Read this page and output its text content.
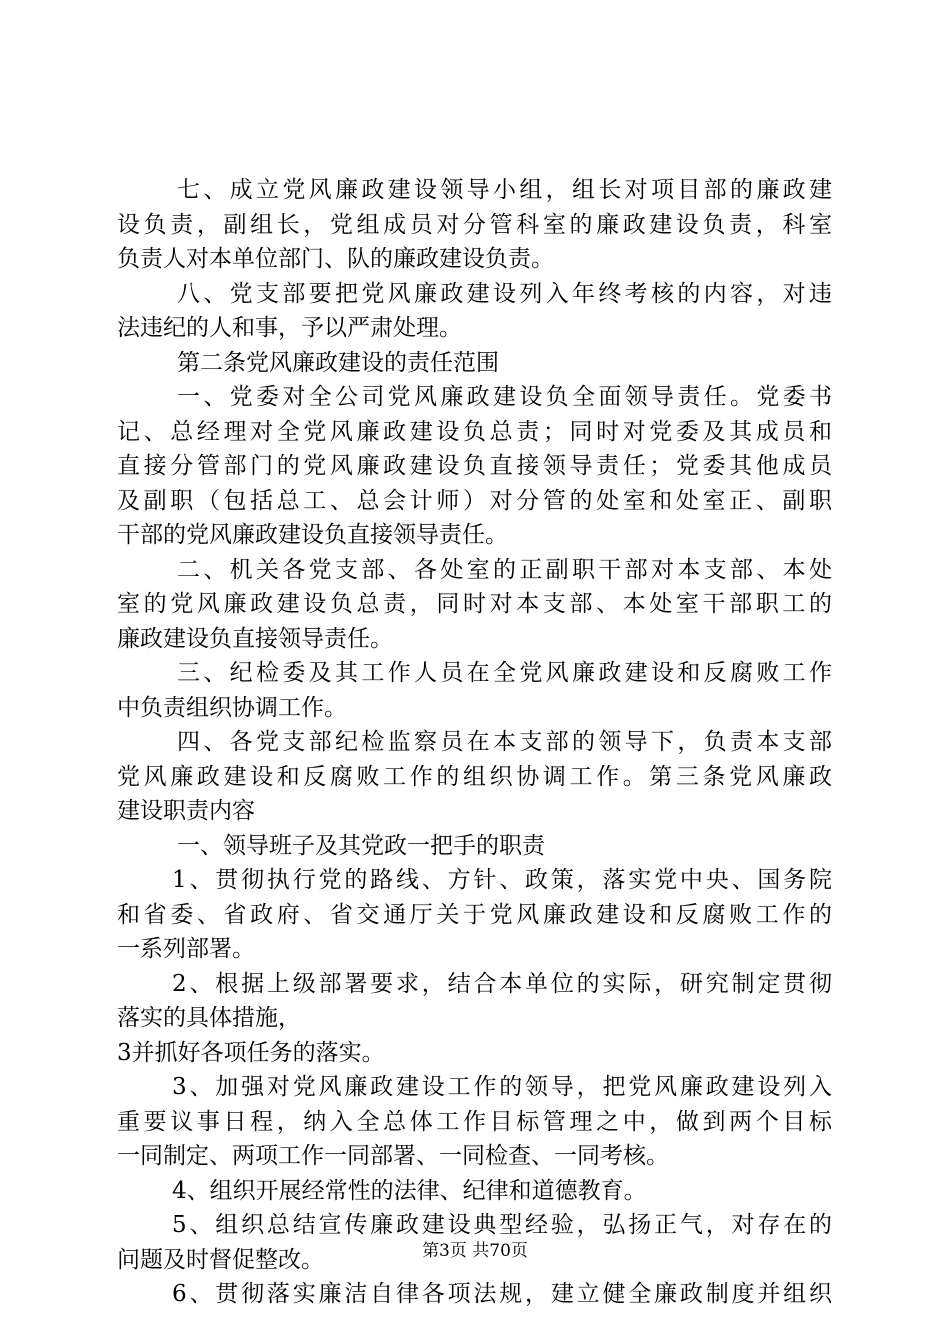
七、成立党风廉政建设领导小组，组长对项目部的廉政建
设负责，副组长，党组成员对分管科室的廉政建设负责，科室
负责人对本单位部门、队的廉政建设负责。
八、党支部要把党风廉政建设列入年终考核的内容，对违
法违纪的人和事，予以严肃处理。
第二条党风廉政建设的责任范围
一、党委对全公司党风廉政建设负全面领导责任。党委书
记、总经理对全党风廉政建设负总责；同时对党委及其成员和
直接分管部门的党风廉政建设负直接领导责任；党委其他成员
及副职（包括总工、总会计师）对分管的处室和处室正、副职
干部的党风廉政建设负直接领导责任。
二、机关各党支部、各处室的正副职干部对本支部、本处
室的党风廉政建设负总责，同时对本支部、本处室干部职工的
廉政建设负直接领导责任。
三、纪检委及其工作人员在全党风廉政建设和反腐败工作
中负责组织协调工作。
四、各党支部纪检监察员在本支部的领导下，负责本支部
党风廉政建设和反腐败工作的组织协调工作。第三条党风廉政
建设职责内容
一、领导班子及其党政一把手的职责
1、贯彻执行党的路线、方针、政策，落实党中央、国务院
和省委、省政府、省交通厅关于党风廉政建设和反腐败工作的
一系列部署。
2、根据上级部署要求，结合本单位的实际，研究制定贯彻
落实的具体措施，
3并抓好各项任务的落实。
3、加强对党风廉政建设工作的领导，把党风廉政建设列入
重要议事日程，纳入全总体工作目标管理之中，做到两个目标
一同制定、两项工作一同部署、一同检查、一同考核。
4、组织开展经常性的法律、纪律和道德教育。
5、组织总结宣传廉政建设典型经验，弘扬正气，对存在的
问题及时督促整改。
6、贯彻落实廉洁自律各项法规，建立健全廉政制度并组织
第3页 共70页
